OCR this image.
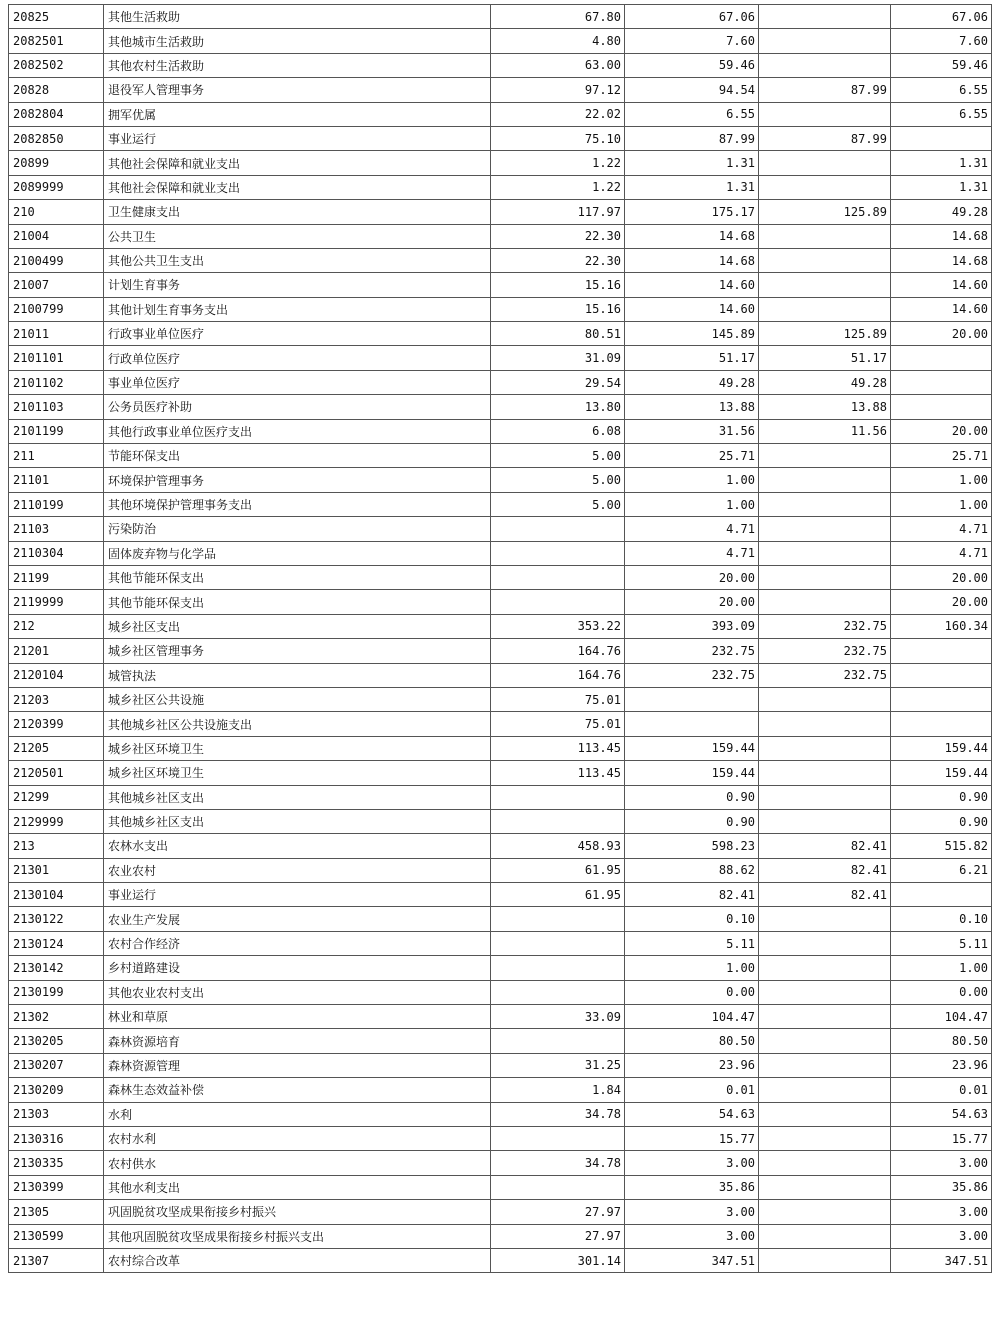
20825	其他生活救助	67.80	67.06		67.06
2082501	其他城市生活救助	4.80	7.60		7.60
2082502	其他农村生活救助	63.00	59.46		59.46
20828	退役军人管理事务	97.12	94.54	87.99	6.55
2082804	拥军优属	22.02	6.55		6.55
2082850	事业运行	75.10	87.99	87.99	
20899	其他社会保障和就业支出	1.22	1.31		1.31
2089999	其他社会保障和就业支出	1.22	1.31		1.31
210	卫生健康支出	117.97	175.17	125.89	49.28
21004	公共卫生	22.30	14.68		14.68
2100499	其他公共卫生支出	22.30	14.68		14.68
21007	计划生育事务	15.16	14.60		14.60
2100799	其他计划生育事务支出	15.16	14.60		14.60
21011	行政事业单位医疗	80.51	145.89	125.89	20.00
2101101	行政单位医疗	31.09	51.17	51.17	
2101102	事业单位医疗	29.54	49.28	49.28	
2101103	公务员医疗补助	13.80	13.88	13.88	
2101199	其他行政事业单位医疗支出	6.08	31.56	11.56	20.00
211	节能环保支出	5.00	25.71		25.71
21101	环境保护管理事务	5.00	1.00		1.00
2110199	其他环境保护管理事务支出	5.00	1.00		1.00
21103	污染防治		4.71		4.71
2110304	固体废弃物与化学品		4.71		4.71
21199	其他节能环保支出		20.00		20.00
2119999	其他节能环保支出		20.00		20.00
212	城乡社区支出	353.22	393.09	232.75	160.34
21201	城乡社区管理事务	164.76	232.75	232.75	
2120104	城管执法	164.76	232.75	232.75	
21203	城乡社区公共设施	75.01			
2120399	其他城乡社区公共设施支出	75.01			
21205	城乡社区环境卫生	113.45	159.44		159.44
2120501	城乡社区环境卫生	113.45	159.44		159.44
21299	其他城乡社区支出		0.90		0.90
2129999	其他城乡社区支出		0.90		0.90
213	农林水支出	458.93	598.23	82.41	515.82
21301	农业农村	61.95	88.62	82.41	6.21
2130104	事业运行	61.95	82.41	82.41	
2130122	农业生产发展		0.10		0.10
2130124	农村合作经济		5.11		5.11
2130142	乡村道路建设		1.00		1.00
2130199	其他农业农村支出		0.00		0.00
21302	林业和草原	33.09	104.47		104.47
2130205	森林资源培育		80.50		80.50
2130207	森林资源管理	31.25	23.96		23.96
2130209	森林生态效益补偿	1.84	0.01		0.01
21303	水利	34.78	54.63		54.63
2130316	农村水利		15.77		15.77
2130335	农村供水	34.78	3.00		3.00
2130399	其他水利支出		35.86		35.86
21305	巩固脱贫攻坚成果衔接乡村振兴	27.97	3.00		3.00
2130599	其他巩固脱贫攻坚成果衔接乡村振兴支出	27.97	3.00		3.00
21307	农村综合改革	301.14	347.51		347.51
